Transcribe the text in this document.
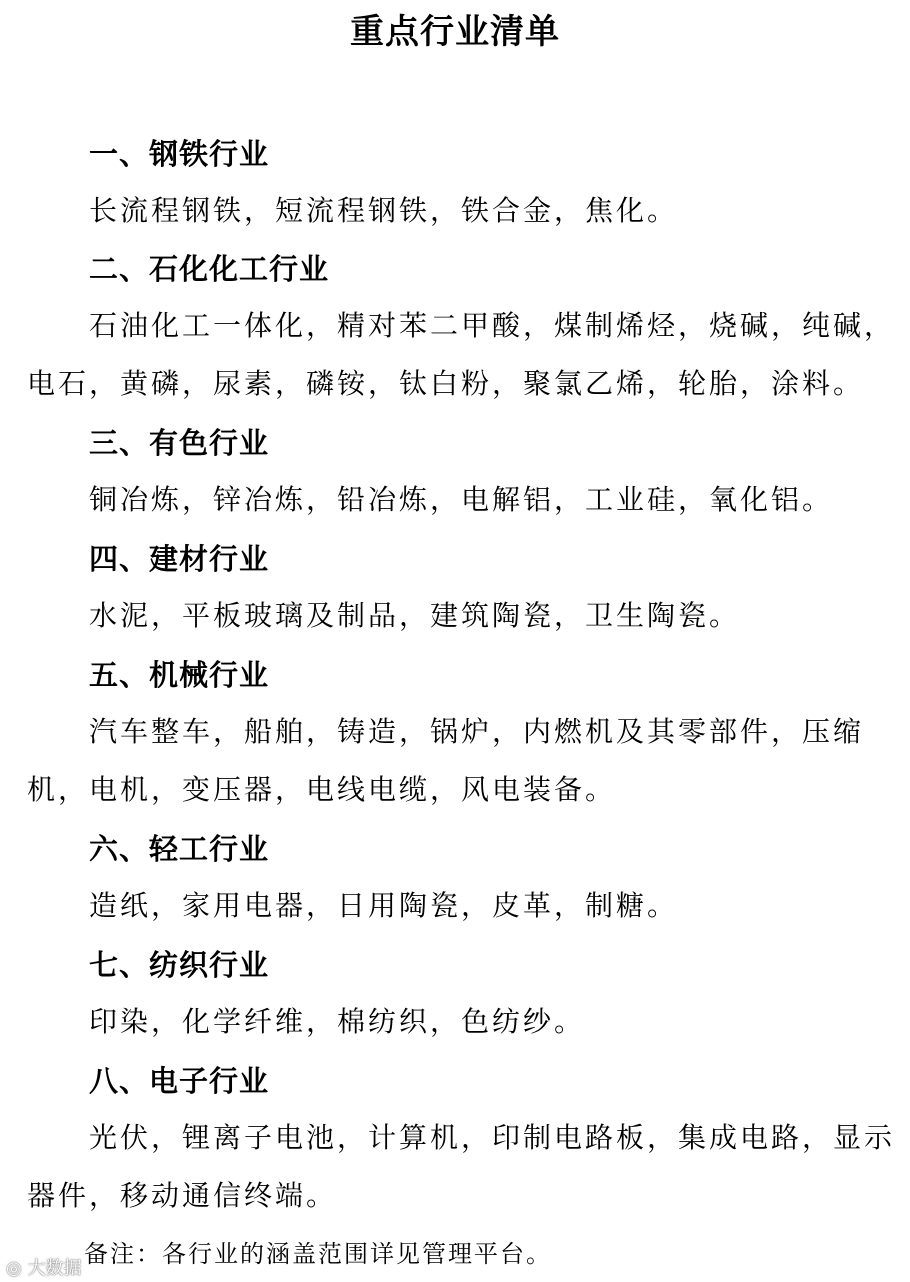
重点行业清单
一、钢铁行业

长流程钢铁，短流程钢铁，铁合金，焦化。

二、石化化工行业

石油化工一体化，精对苯二甲酸，煤制烯烃，烧碱，纯碱，电石，黄磷，尿素，磷铵，钛白粉，聚氯乙烯，轮胎，涂料。

三、有色行业

铜冶炼，锌冶炼，铅冶炼，电解铝，工业硅，氧化铝。

四、建材行业

水泥，平板玻璃及制品，建筑陶瓷，卫生陶瓷。

五、机械行业

汽车整车，船舶，铸造，锅炉，内燃机及其零部件，压缩机，电机，变压器，电线电缆，风电装备。

六、轻工行业

造纸，家用电器，日用陶瓷，皮革，制糖。

七、纺织行业

印染，化学纤维，棉纺织，色纺纱。

八、电子行业

光伏，锂离子电池，计算机，印制电路板，集成电路，显示器件，移动通信终端。

备注：各行业的涵盖范围详见管理平台。
◎ 大数据
